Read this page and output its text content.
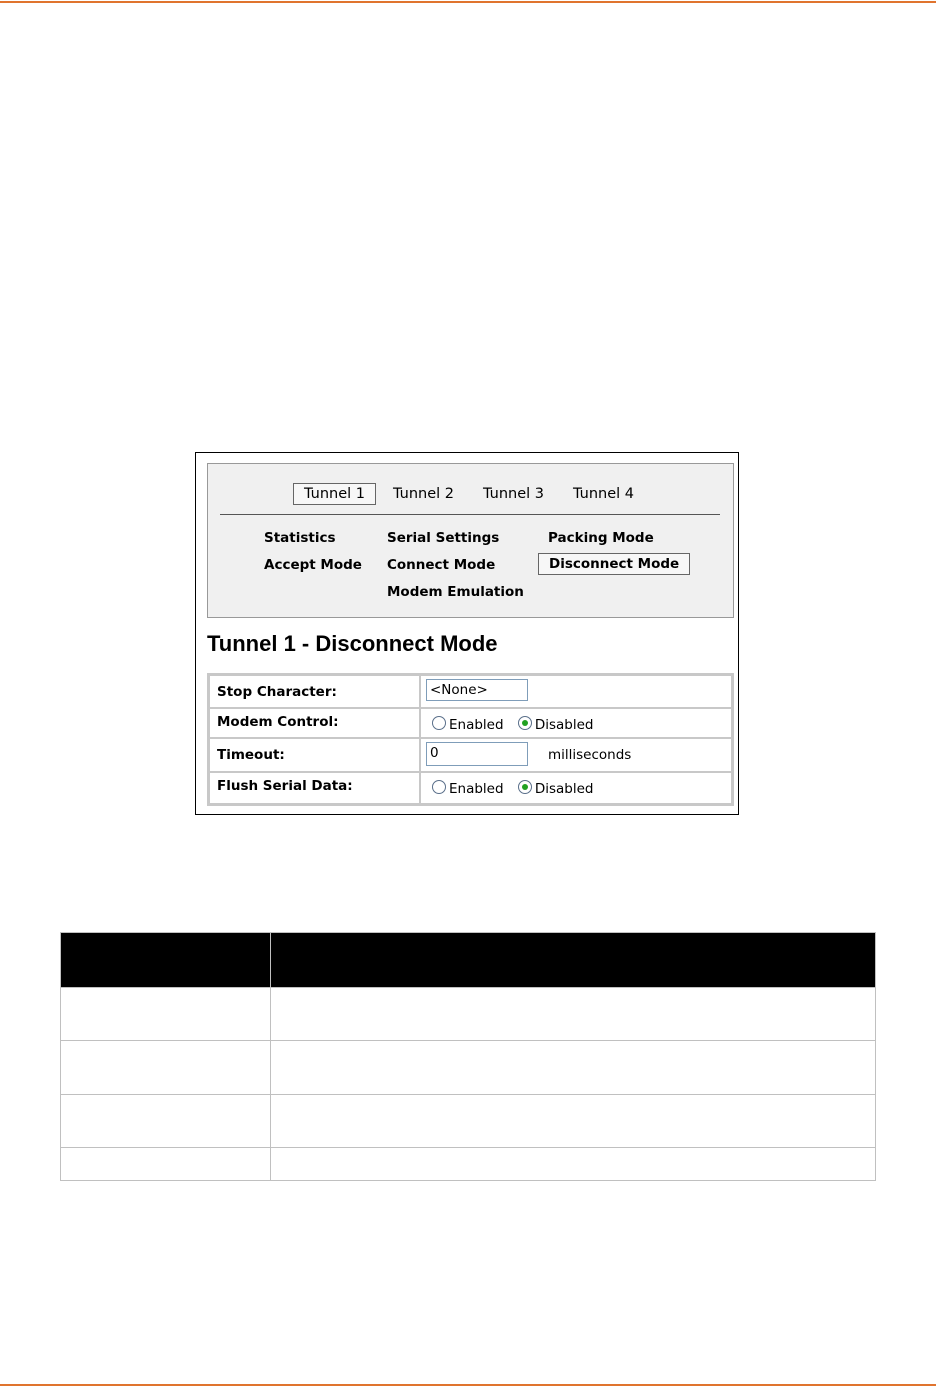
Tunnel 1	Tunnel 2	Tunnel 3	Tunnel 4
Statistics	Serial Settings	Packing Mode
Accept Mode	Connect Mode	Disconnect Mode
Modem Emulation
Tunnel 1 - Disconnect Mode
Stop Character:	<None>
Modem Control:	Enabled Disabled
Timeout:	0	milliseconds
Flush Serial Data:	Enabled Disabled
